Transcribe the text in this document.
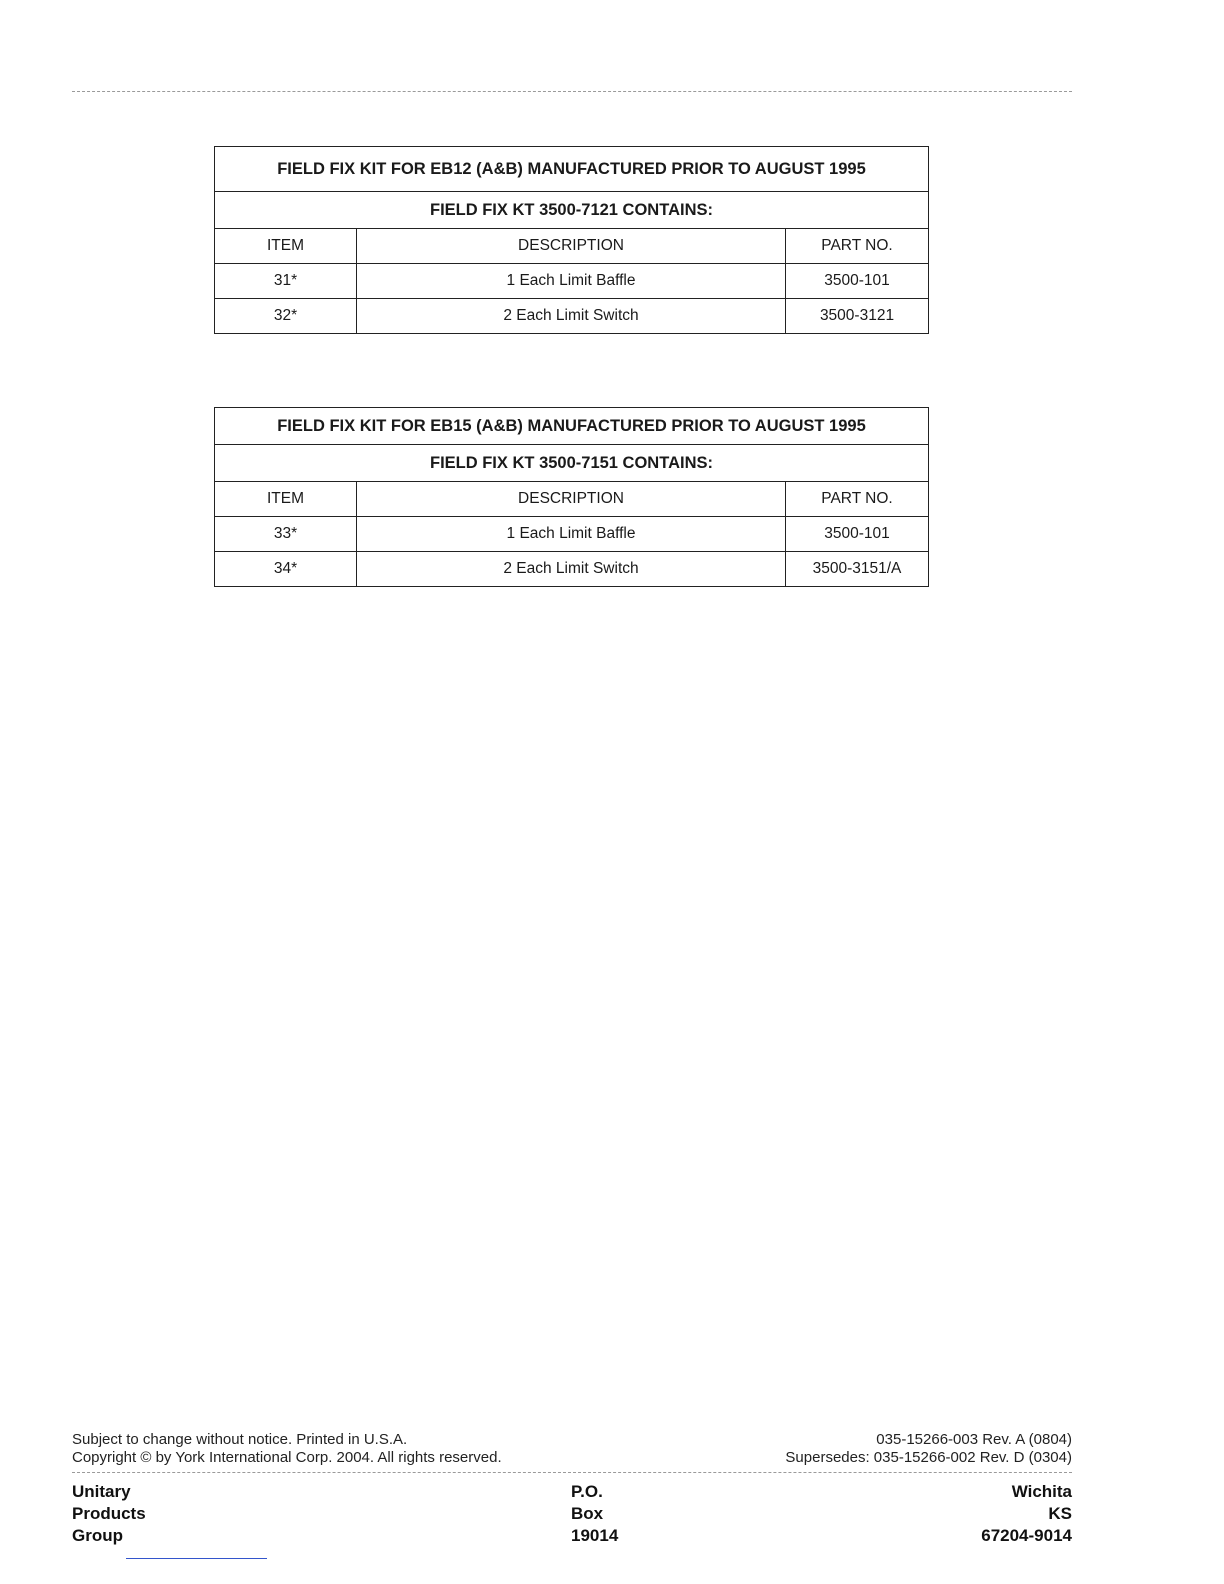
FIELD FIX KIT FOR EB12 (A&B) MANUFACTURED PRIOR TO AUGUST 1995		
FIELD FIX KT 3500-7121 CONTAINS:		
ITEM	DESCRIPTION	PART NO.
31*	1 Each Limit Baffle	3500-101
32*	2 Each Limit Switch	3500-3121
FIELD FIX KIT FOR EB15 (A&B) MANUFACTURED PRIOR TO AUGUST 1995		
FIELD FIX KT 3500-7151 CONTAINS:		
ITEM	DESCRIPTION	PART NO.
33*	1 Each Limit Baffle	3500-101
34*	2 Each Limit Switch	3500-3151/A
Subject to change without notice. Printed in U.S.A.
Copyright © by York International Corp. 2004. All rights reserved.
035-15266-003 Rev. A (0804)
Supersedes: 035-15266-002 Rev. D (0304)
Unitary
Products
Group
P.O.
Box
19014
Wichita
KS
67204-9014
